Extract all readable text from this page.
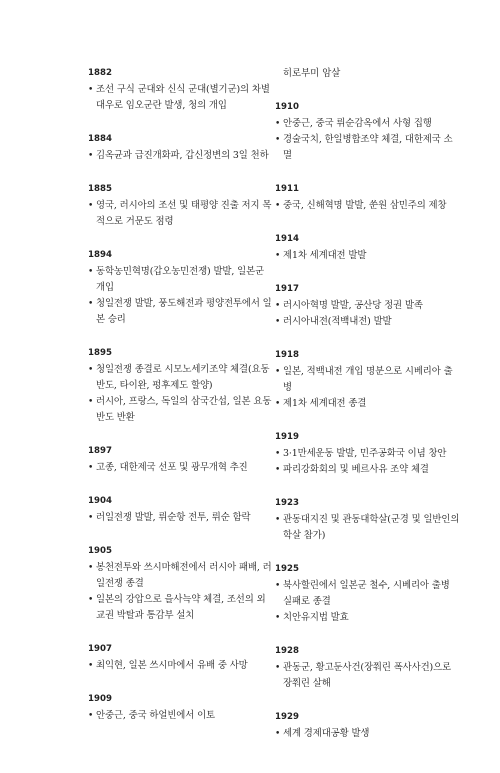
1882
• 조선 구식 군대와 신식 군대(별기군)의 차별대우로 임오군란 발생, 청의 개입
1884
• 김옥균과 급진개화파, 갑신정변의 3일 천하
1885
• 영국, 러시아의 조선 및 태평양 진출 저지 목적으로 거문도 점령
1894
• 동학농민혁명(갑오농민전쟁) 발발, 일본군 개입
• 청일전쟁 발발, 풍도해전과 평양전투에서 일본 승리
1895
• 청일전쟁 종결로 시모노세키조약 체결(요동반도, 타이완, 펑후제도 할양)
• 러시아, 프랑스, 독일의 삼국간섭, 일본 요동반도 반환
1897
• 고종, 대한제국 선포 및 광무개혁 추진
1904
• 러일전쟁 발발, 뤼순항 전투, 뤼순 함락
1905
• 봉천전투와 쓰시마해전에서 러시아 패배, 러일전쟁 종결
• 일본의 강압으로 을사늑약 체결, 조선의 외교권 박탈과 통감부 설치
1907
• 최익현, 일본 쓰시마에서 유배 중 사망
1909
• 안중근, 중국 하얼빈에서 이토
히로부미 암살
1910
• 안중근, 중국 뤼순감옥에서 사형 집행
• 경술국치, 한일병합조약 체결, 대한제국 소멸
1911
• 중국, 신해혁명 발발, 쑨원 삼민주의 제창
1914
• 제1차 세계대전 발발
1917
• 러시아혁명 발발, 공산당 정권 발족
• 러시아내전(적백내전) 발발
1918
• 일본, 적백내전 개입 명분으로 시베리아 출병
• 제1차 세계대전 종결
1919
• 3·1만세운동 발발, 민주공화국 이념 창안
• 파리강화회의 및 베르사유 조약 체결
1923
• 관동대지진 및 관동대학살(군경 및 일반인의 학살 참가)
1925
• 북사할린에서 일본군 철수, 시베리아 출병 실패로 종결
• 치안유지법 발효
1928
• 관동군, 황고둔사건(장쭤린 폭사사건)으로 장쭤린 살해
1929
• 세계 경제대공황 발생
